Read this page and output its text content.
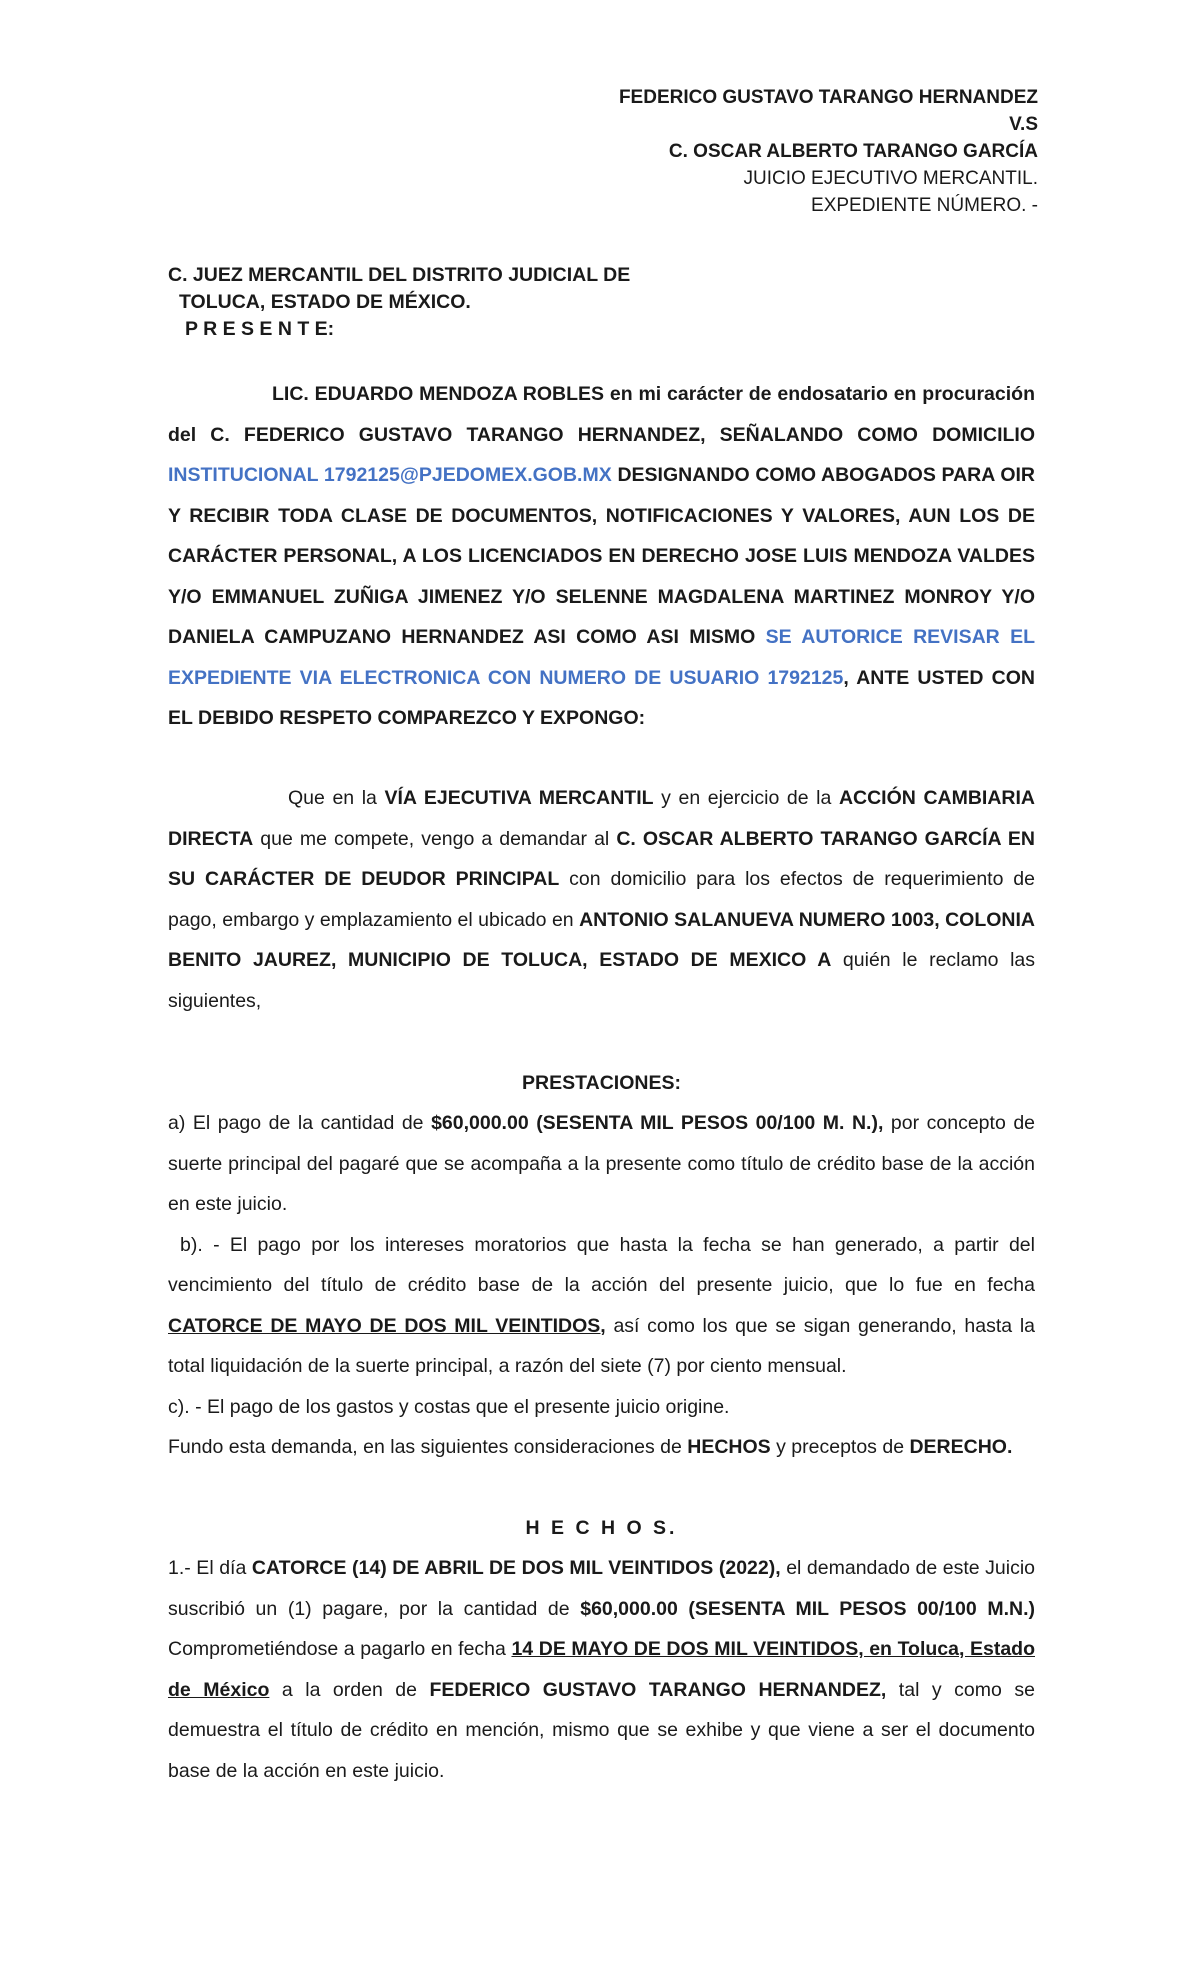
FEDERICO GUSTAVO TARANGO HERNANDEZ
V.S
C. OSCAR ALBERTO TARANGO GARCÍA
JUICIO EJECUTIVO MERCANTIL.
EXPEDIENTE NÚMERO. -
C. JUEZ MERCANTIL DEL DISTRITO JUDICIAL DE
TOLUCA, ESTADO DE MÉXICO.
P R E S E N T E:
LIC. EDUARDO MENDOZA ROBLES en mi carácter de endosatario en procuración del C. FEDERICO GUSTAVO TARANGO HERNANDEZ, SEÑALANDO COMO DOMICILIO INSTITUCIONAL 1792125@PJEDOMEX.GOB.MX DESIGNANDO COMO ABOGADOS PARA OIR Y RECIBIR TODA CLASE DE DOCUMENTOS, NOTIFICACIONES Y VALORES, AUN LOS DE CARÁCTER PERSONAL, A LOS LICENCIADOS EN DERECHO JOSE LUIS MENDOZA VALDES Y/O EMMANUEL ZUÑIGA JIMENEZ Y/O SELENNE MAGDALENA MARTINEZ MONROY Y/O DANIELA CAMPUZANO HERNANDEZ ASI COMO ASI MISMO SE AUTORICE REVISAR EL EXPEDIENTE VIA ELECTRONICA CON NUMERO DE USUARIO 1792125, ANTE USTED CON EL DEBIDO RESPETO COMPAREZCO Y EXPONGO:
Que en la VÍA EJECUTIVA MERCANTIL y en ejercicio de la ACCIÓN CAMBIARIA DIRECTA que me compete, vengo a demandar al C. OSCAR ALBERTO TARANGO GARCÍA EN SU CARÁCTER DE DEUDOR PRINCIPAL con domicilio para los efectos de requerimiento de pago, embargo y emplazamiento el ubicado en ANTONIO SALANUEVA NUMERO 1003, COLONIA BENITO JAUREZ, MUNICIPIO DE TOLUCA, ESTADO DE MEXICO A quién le reclamo las siguientes,
PRESTACIONES:

a) El pago de la cantidad de $60,000.00 (SESENTA MIL PESOS 00/100 M. N.), por concepto de suerte principal del pagaré que se acompaña a la presente como título de crédito base de la acción en este juicio.

b). - El pago por los intereses moratorios que hasta la fecha se han generado, a partir del vencimiento del título de crédito base de la acción del presente juicio, que lo fue en fecha CATORCE DE MAYO DE DOS MIL VEINTIDOS, así como los que se sigan generando, hasta la total liquidación de la suerte principal, a razón del siete (7) por ciento mensual.

c). - El pago de los gastos y costas que el presente juicio origine.

Fundo esta demanda, en las siguientes consideraciones de HECHOS y preceptos de DERECHO.

H E C H O S.

1.- El día CATORCE (14) DE ABRIL DE DOS MIL VEINTIDOS (2022), el demandado de este Juicio suscribió un (1) pagare, por la cantidad de $60,000.00 (SESENTA MIL PESOS 00/100 M.N.) Comprometiéndose a pagarlo en fecha 14 DE MAYO DE DOS MIL VEINTIDOS, en Toluca, Estado de México a la orden de FEDERICO GUSTAVO TARANGO HERNANDEZ, tal y como se demuestra el título de crédito en mención, mismo que se exhibe y que viene a ser el documento base de la acción en este juicio.
